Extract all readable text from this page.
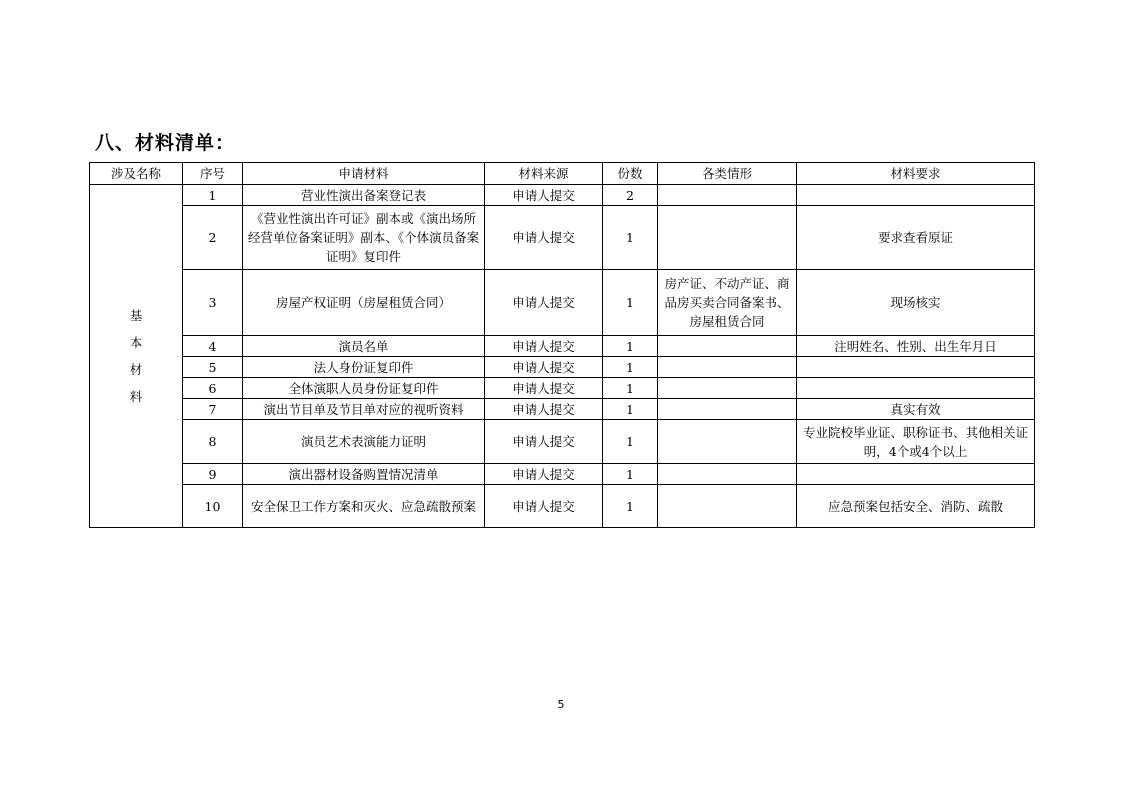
八、材料清单：
涉及名称	序号	申请材料	材料来源	份数	各类情形	材料要求

基
本
材
料	1	营业性演出备案登记表	申请人提交	2		
	2	《营业性演出许可证》副本或《演出场所经营单位备案证明》副本、《个体演员备案证明》复印件	申请人提交	1		要求查看原证
	3	房屋产权证明（房屋租赁合同）	申请人提交	1	房产证、不动产证、商品房买卖合同备案书、房屋租赁合同	现场核实
	4	演员名单	申请人提交	1		注明姓名、性别、出生年月日
	5	法人身份证复印件	申请人提交	1		
	6	全体演职人员身份证复印件	申请人提交	1		
	7	演出节目单及节目单对应的视听资料	申请人提交	1		真实有效
	8	演员艺术表演能力证明	申请人提交	1		专业院校毕业证、职称证书、其他相关证明，4个或4个以上
	9	演出器材设备购置情况清单	申请人提交	1		
	10	安全保卫工作方案和灭火、应急疏散预案	申请人提交	1		应急预案包括安全、消防、疏散
5
